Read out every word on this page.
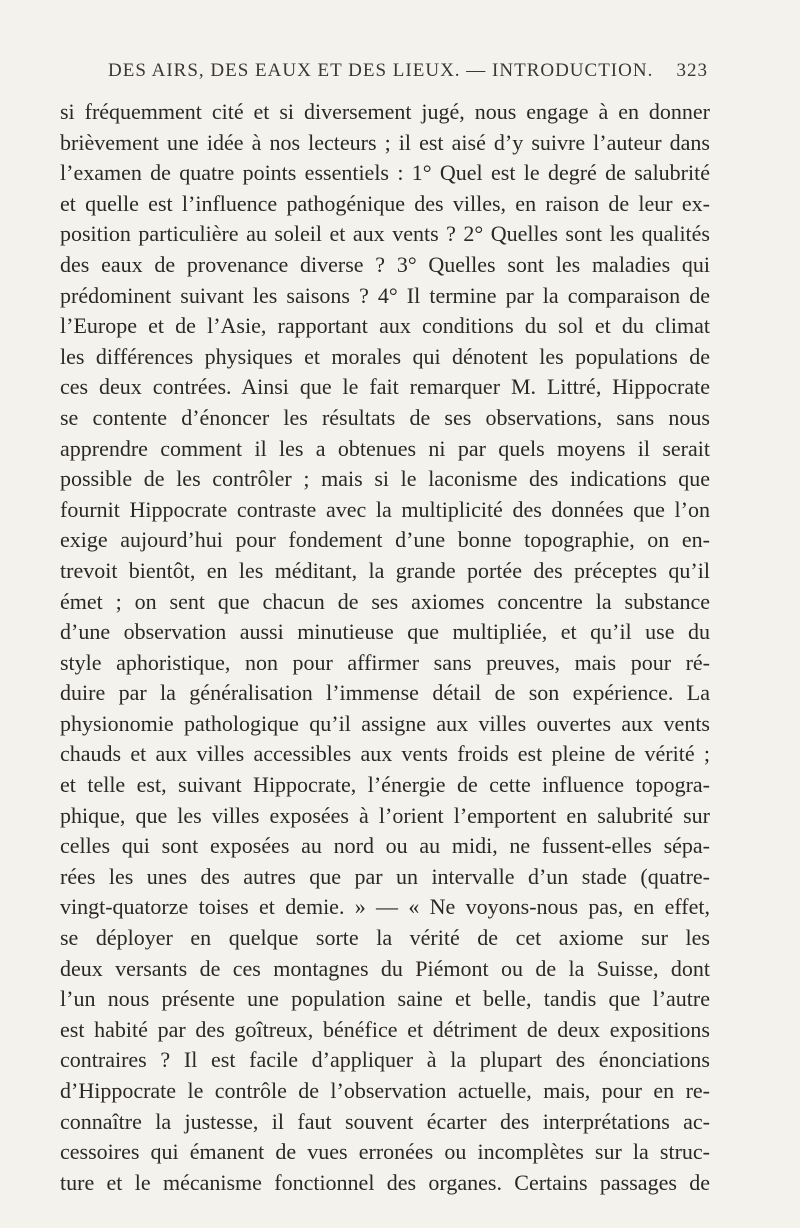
DES AIRS, DES EAUX ET DES LIEUX. — INTRODUCTION. 323
si fréquemment cité et si diversement jugé, nous engage à en donner
brièvement une idée à nos lecteurs ; il est aisé d’y suivre l’auteur dans
l’examen de quatre points essentiels : 1° Quel est le degré de salubrité
et quelle est l’influence pathogénique des villes, en raison de leur ex-
position particulière au soleil et aux vents ? 2° Quelles sont les qualités
des eaux de provenance diverse ? 3° Quelles sont les maladies qui
prédominent suivant les saisons ? 4° Il termine par la comparaison de
l’Europe et de l’Asie, rapportant aux conditions du sol et du climat
les différences physiques et morales qui dénotent les populations de
ces deux contrées. Ainsi que le fait remarquer M. Littré, Hippocrate
se contente d’énoncer les résultats de ses observations, sans nous
apprendre comment il les a obtenues ni par quels moyens il serait
possible de les contrôler ; mais si le laconisme des indications que
fournit Hippocrate contraste avec la multiplicité des données que l’on
exige aujourd’hui pour fondement d’une bonne topographie, on en-
trevoit bientôt, en les méditant, la grande portée des préceptes qu’il
émet ; on sent que chacun de ses axiomes concentre la substance
d’une observation aussi minutieuse que multipliée, et qu’il use du
style aphoristique, non pour affirmer sans preuves, mais pour ré-
duire par la généralisation l’immense détail de son expérience. La
physionomie pathologique qu’il assigne aux villes ouvertes aux vents
chauds et aux villes accessibles aux vents froids est pleine de vérité ;
et telle est, suivant Hippocrate, l’énergie de cette influence topogra-
phique, que les villes exposées à l’orient l’emportent en salubrité sur
celles qui sont exposées au nord ou au midi, ne fussent-elles sépa-
rées les unes des autres que par un intervalle d’un stade (quatre-
vingt-quatorze toises et demie. » — « Ne voyons-nous pas, en effet,
se déployer en quelque sorte la vérité de cet axiome sur les
deux versants de ces montagnes du Piémont ou de la Suisse, dont
l’un nous présente une population saine et belle, tandis que l’autre
est habité par des goîtreux, bénéfice et détriment de deux expositions
contraires ? Il est facile d’appliquer à la plupart des énonciations
d’Hippocrate le contrôle de l’observation actuelle, mais, pour en re-
connaître la justesse, il faut souvent écarter des interprétations ac-
cessoires qui émanent de vues erronées ou incomplètes sur la struc-
ture et le mécanisme fonctionnel des organes. Certains passages de
